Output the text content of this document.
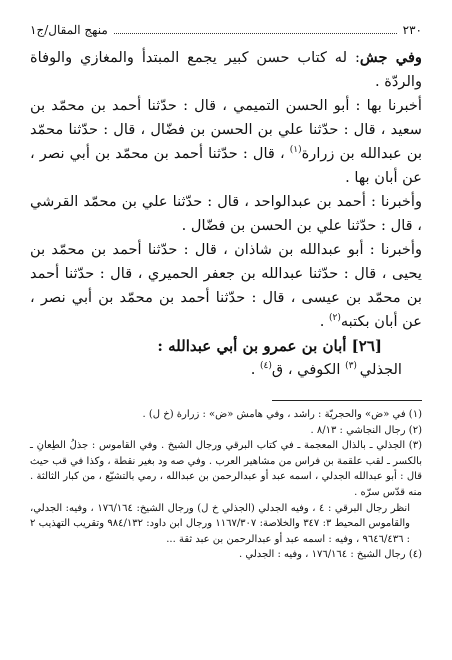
٢٣٠
منهج المقال/ج١

وفي جش: له كتاب حسن كبير يجمع المبتدأ والمغازي والوفاة والردّة .

أخبرنا بها : أبو الحسن التميمي ، قال : حدّثنا أحمد بن محمّد بن سعيد ، قال : حدّثنا علي بن الحسن بن فضّال ، قال : حدّثنا محمّد بن عبدالله بن زرارة$^{(١)}$ ، قال : حدّثنا أحمد بن محمّد بن أبي نصر ، عن أبان بها .

وأخبرنا : أحمد بن عبدالواحد ، قال : حدّثنا علي بن محمّد القرشي ، قال : حدّثنا علي بن الحسن بن فضّال .

وأخبرنا : أبو عبدالله بن شاذان ، قال : حدّثنا أحمد بن محمّد بن يحيى ، قال : حدّثنا عبدالله بن جعفر الحميري ، قال : حدّثنا أحمد بن محمّد بن عيسى ، قال : حدّثنا أحمد بن محمّد بن أبي نصر ، عن أبان بكتبه$^{(٢)}$ .

[٢٦] أبان بن عمرو بن أبي عبدالله :
الجذلي $^{(٣)}$ الكوفي ، ق$^{(٤)}$ .

(١) في «ض» والحجريّة : راشد ، وفي هامش «ض» : زرارة (خ ل) .

(٢) رجال النجاشي : ٨/١٣ .

(٣) الجذلي ـ بالذال المعجمة ـ في كتاب البرقي ورجال الشيخ . وفي القاموس : جذلُ الطِعانِ ـ بالكسر ـ لقب علقمة بن فراس من مشاهير العرب . وفي صه ود بغير نقطة ، وكذا في قب حيث قال : أبو عبدالله الجدلي ، اسمه عبد أو عبدالرحمن بن عبدالله ، رمي بالتشيّع ، من كبار الثالثة . منه قدّس سرّه .

انظر رجال البرقي : ٤ ، وفيه الجدلي (الجذلي خ ل) ورجال الشيخ: ١٧٦/١٦٤ ، وفيه: الجدلي، والقاموس المحيط ٣: ٣٤٧ والخلاصة: ١١٦٧/٣٠٧ ورجال ابن داود: ٩٨٤/١٣٢ وتقريب التهذيب ٢ : ٩٦٤٦/٤٣٦ ، وفيه : اسمه عبد أو عبدالرحمن بن عبد ثقة ...

(٤) رجال الشيخ : ١٧٦/١٦٤ ، وفيه : الجدلي .
